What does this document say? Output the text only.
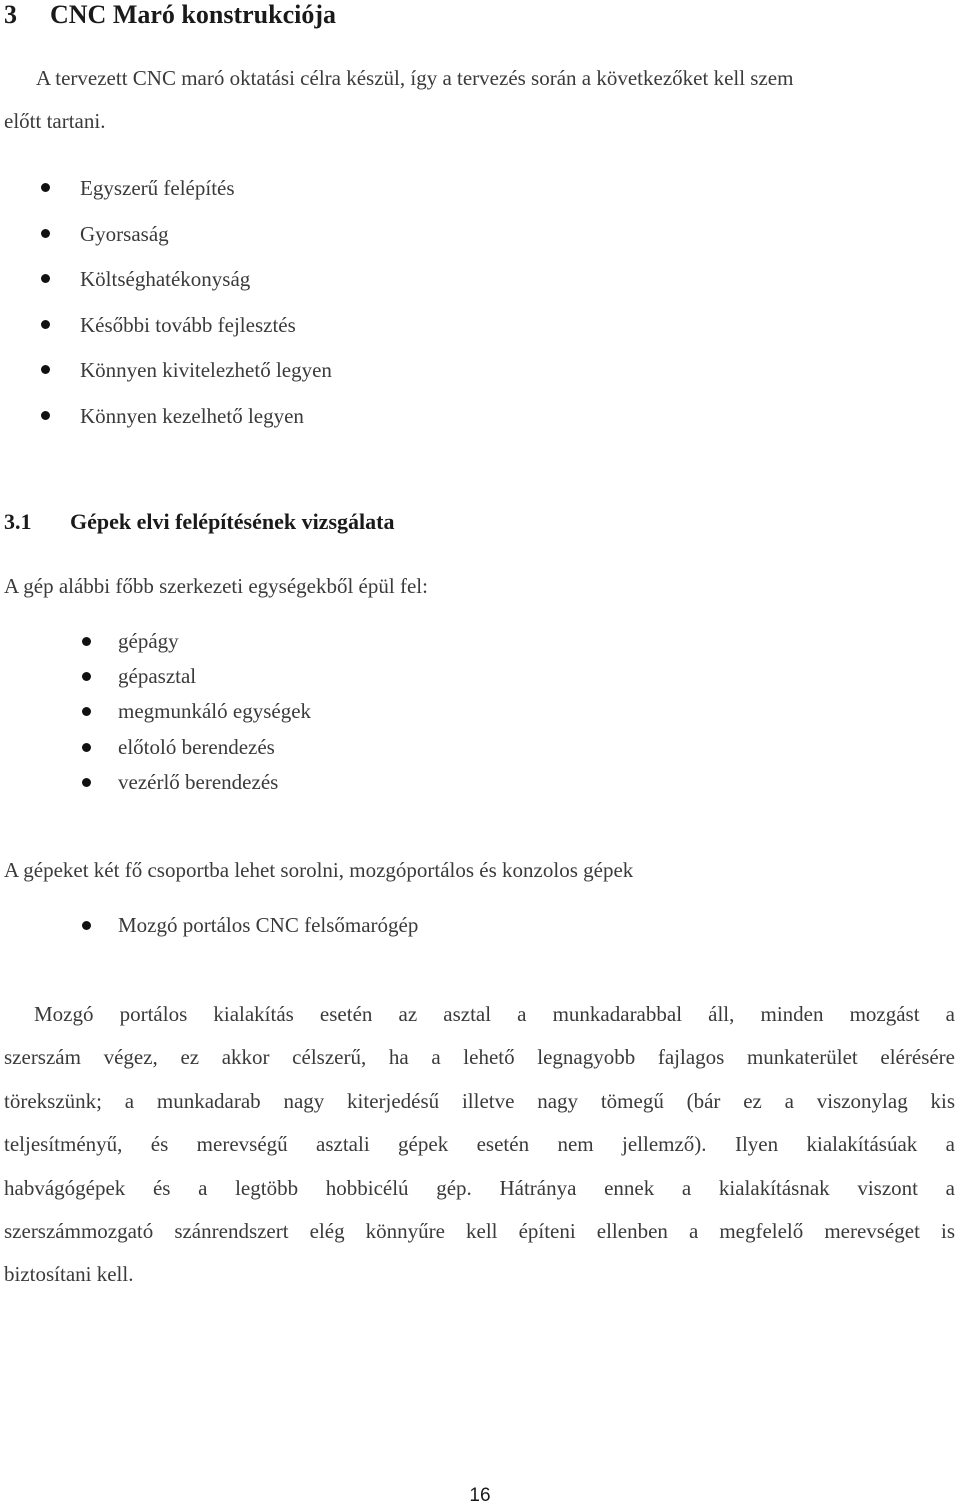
3 CNC Maró konstrukciója
A tervezett CNC maró oktatási célra készül, így a tervezés során a következőket kell szem
előtt tartani.
Egyszerű felépítés
Gyorsaság
Költséghatékonyság
Későbbi tovább fejlesztés
Könnyen kivitelezhető legyen
Könnyen kezelhető legyen
3.1 Gépek elvi felépítésének vizsgálata
A gép alábbi főbb szerkezeti egységekből épül fel:
gépágy
gépasztal
megmunkáló egységek
előtoló berendezés
vezérlő berendezés
A gépeket két fő csoportba lehet sorolni, mozgóportálos és konzolos gépek
Mozgó portálos CNC felsőmarógép
Mozgó portálos kialakítás esetén az asztal a munkadarabbal áll, minden mozgást a
szerszám végez, ez akkor célszerű, ha a lehető legnagyobb fajlagos munkaterület elérésére
törekszünk; a munkadarab nagy kiterjedésű illetve nagy tömegű (bár ez a viszonylag kis
teljesítményű, és merevségű asztali gépek esetén nem jellemző). Ilyen kialakításúak a
habvágógépek és a legtöbb hobbicélú gép. Hátránya ennek a kialakításnak viszont a
szerszámmozgató szánrendszert elég könnyűre kell építeni ellenben a megfelelő merevséget is
biztosítani kell.
16
